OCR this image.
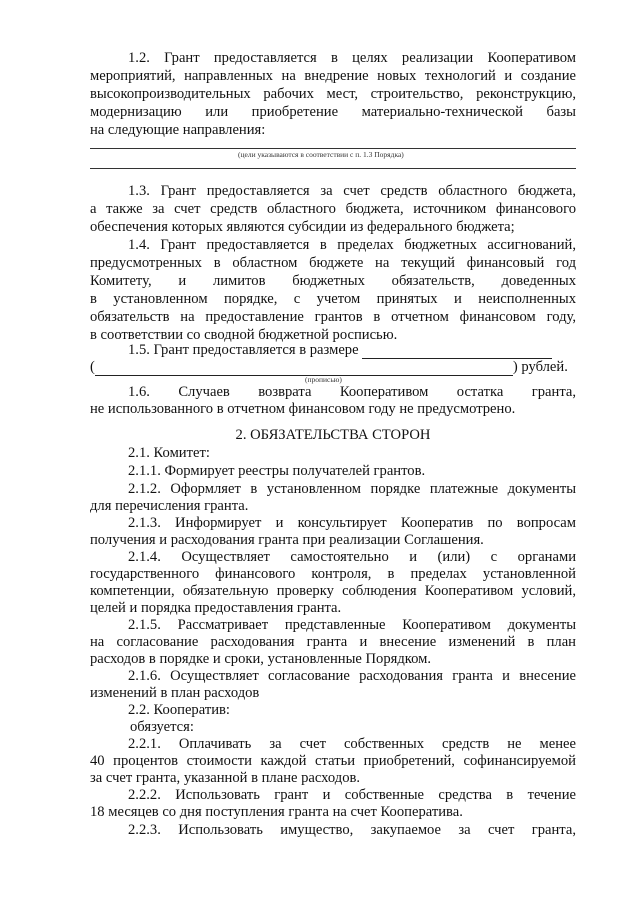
1.2. Грант предоставляется в целях реализации Кооперативом

мероприятий, направленных на внедрение новых технологий и создание

высокопроизводительных рабочих мест, строительство, реконструкцию,

модернизацию или приобретение материально-технической базы

на следующие направления:

(цели указываются в соответствии с п. 1.3 Порядка)

1.3. Грант предоставляется за счет средств областного бюджета,

а также за счет средств областного бюджета, источником финансового

обеспечения которых являются субсидии из федерального бюджета;

1.4. Грант предоставляется в пределах бюджетных ассигнований,

предусмотренных в областном бюджете на текущий финансовый год

Комитету, и лимитов бюджетных обязательств, доведенных

в установленном порядке, с учетом принятых и неисполненных

обязательств на предоставление грантов в отчетном финансовом году,

в соответствии со сводной бюджетной росписью.

1.5. Грант предоставляется в размере

(	) рублей.

(прописью)

1.6. Случаев возврата Кооперативом остатка гранта,

не использованного в отчетном финансовом году не предусмотрено.

2. ОБЯЗАТЕЛЬСТВА СТОРОН

2.1. Комитет:

2.1.1. Формирует реестры получателей грантов.

2.1.2. Оформляет в установленном порядке платежные документы

для перечисления гранта.

2.1.3. Информирует и консультирует Кооператив по вопросам

получения и расходования гранта при реализации Соглашения.

2.1.4. Осуществляет самостоятельно и (или) с органами

государственного финансового контроля, в пределах установленной

компетенции, обязательную проверку соблюдения Кооперативом условий,

целей и порядка предоставления гранта.

2.1.5. Рассматривает представленные Кооперативом документы

на согласование расходования гранта и внесение изменений в план

расходов в порядке и сроки, установленные Порядком.

2.1.6. Осуществляет согласование расходования гранта и внесение

изменений в план расходов

2.2. Кооператив:

обязуется:

2.2.1. Оплачивать за счет собственных средств не менее

40 процентов стоимости каждой статьи приобретений, софинансируемой

за счет гранта, указанной в плане расходов.

2.2.2. Использовать грант и собственные средства в течение

18 месяцев со дня поступления гранта на счет Кооператива.

2.2.3. Использовать имущество, закупаемое за счет гранта,
